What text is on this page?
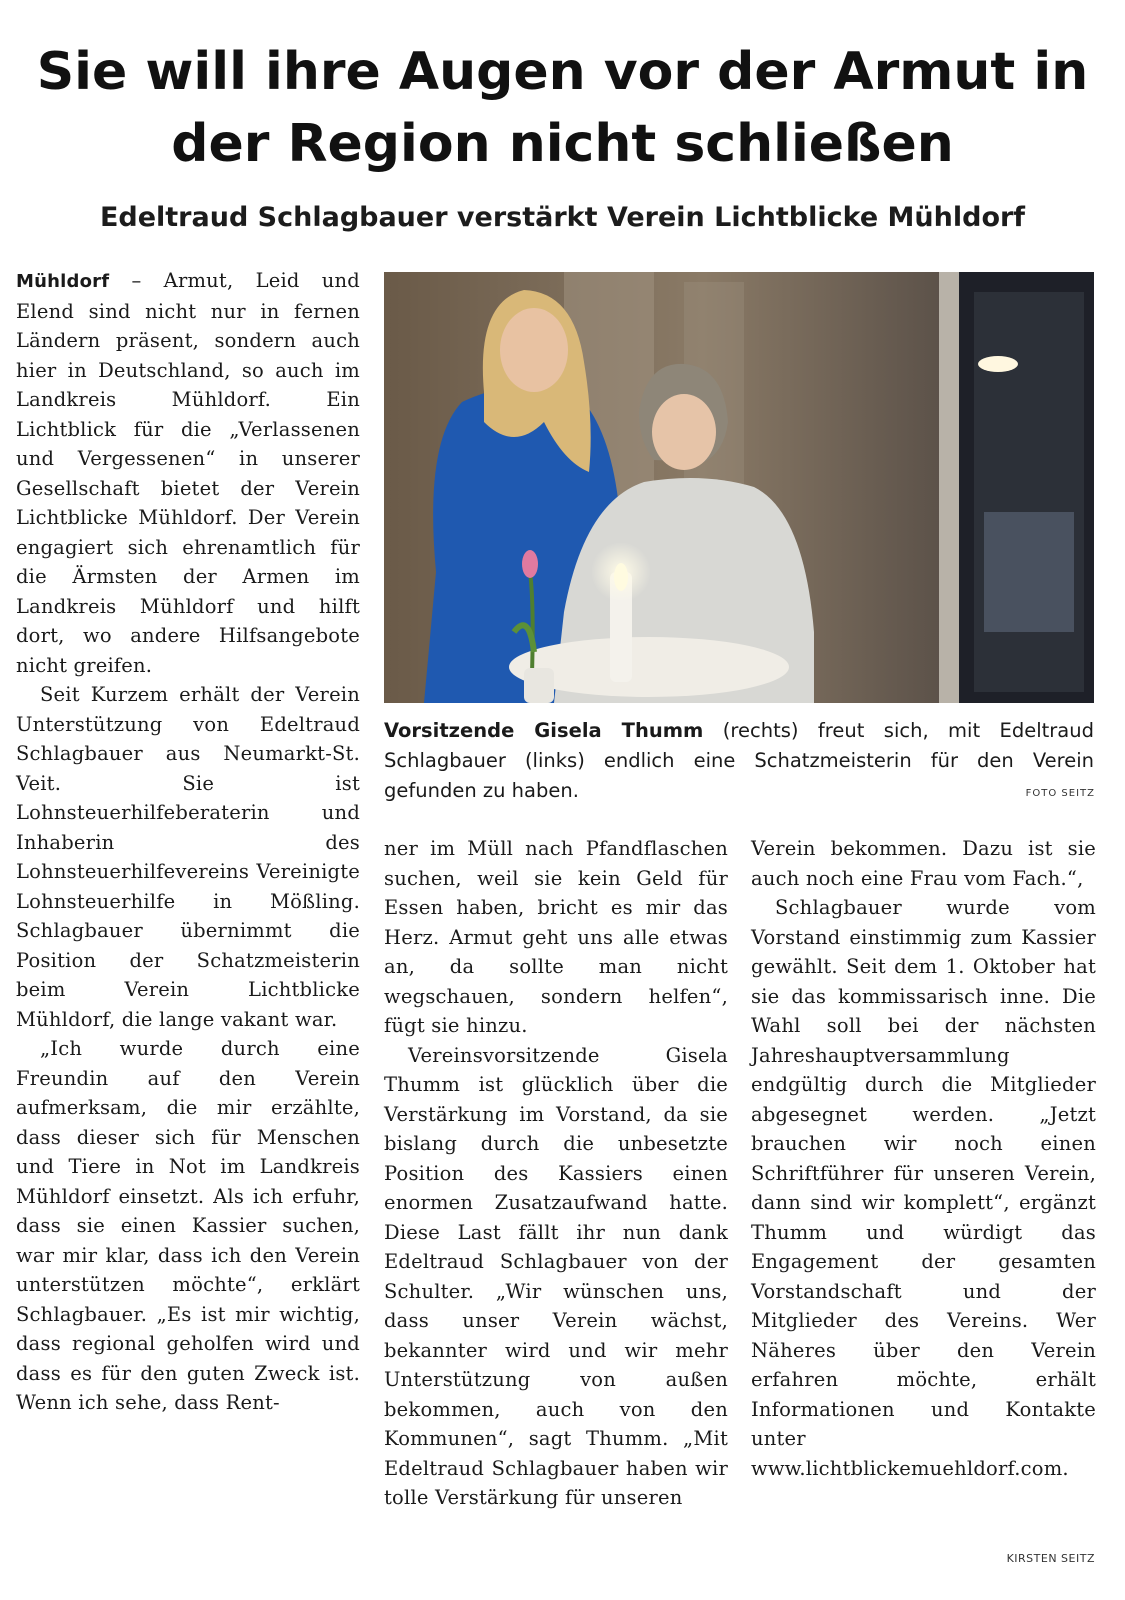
Sie will ihre Augen vor der Armut in der Region nicht schließen
Edeltraud Schlagbauer verstärkt Verein Lichtblicke Mühldorf

Mühldorf – Armut, Leid und Elend sind nicht nur in fernen Ländern präsent, sondern auch hier in Deutschland, so auch im Landkreis Mühldorf. Ein Lichtblick für die „Verlassenen und Vergessenen“ in unserer Gesellschaft bietet der Verein Lichtblicke Mühldorf. Der Verein engagiert sich ehrenamtlich für die Ärmsten der Armen im Landkreis Mühldorf und hilft dort, wo andere Hilfsangebote nicht greifen.

Seit Kurzem erhält der Verein Unterstützung von Edeltraud Schlagbauer aus Neumarkt-St. Veit. Sie ist Lohnsteuerhilfeberaterin und Inhaberin des Lohnsteuerhilfevereins Vereinigte Lohnsteuerhilfe in Mößling. Schlagbauer übernimmt die Position der Schatzmeisterin beim Verein Lichtblicke Mühldorf, die lange vakant war.

„Ich wurde durch eine Freundin auf den Verein aufmerksam, die mir erzählte, dass dieser sich für Menschen und Tiere in Not im Landkreis Mühldorf einsetzt. Als ich erfuhr, dass sie einen Kassier suchen, war mir klar, dass ich den Verein unterstützen möchte“, erklärt Schlagbauer. „Es ist mir wichtig, dass regional geholfen wird und dass es für den guten Zweck ist. Wenn ich sehe, dass Rent-

Vorsitzende Gisela Thumm (rechts) freut sich, mit Edeltraud Schlagbauer (links) endlich eine Schatzmeisterin für den Verein gefunden zu haben.	FOTO SEITZ

ner im Müll nach Pfandflaschen suchen, weil sie kein Geld für Essen haben, bricht es mir das Herz. Armut geht uns alle etwas an, da sollte man nicht wegschauen, sondern helfen“, fügt sie hinzu.

Vereinsvorsitzende Gisela Thumm ist glücklich über die Verstärkung im Vorstand, da sie bislang durch die unbesetzte Position des Kassiers einen enormen Zusatzaufwand hatte. Diese Last fällt ihr nun dank Edeltraud Schlagbauer von der Schulter. „Wir wünschen uns, dass unser Verein wächst, bekannter wird und wir mehr Unterstützung von außen bekommen, auch von den Kommunen“, sagt Thumm. „Mit Edeltraud Schlagbauer haben wir tolle Verstärkung für unseren

Verein bekommen. Dazu ist sie auch noch eine Frau vom Fach.“,

Schlagbauer wurde vom Vorstand einstimmig zum Kassier gewählt. Seit dem 1. Oktober hat sie das kommissarisch inne. Die Wahl soll bei der nächsten Jahreshauptversammlung endgültig durch die Mitglieder abgesegnet werden. „Jetzt brauchen wir noch einen Schriftführer für unseren Verein, dann sind wir komplett“, ergänzt Thumm und würdigt das Engagement der gesamten Vorstandschaft und der Mitglieder des Vereins. Wer Näheres über den Verein erfahren möchte, erhält Informationen und Kontakte unter www.lichtblickemuehldorf.com.

KIRSTEN SEITZ
